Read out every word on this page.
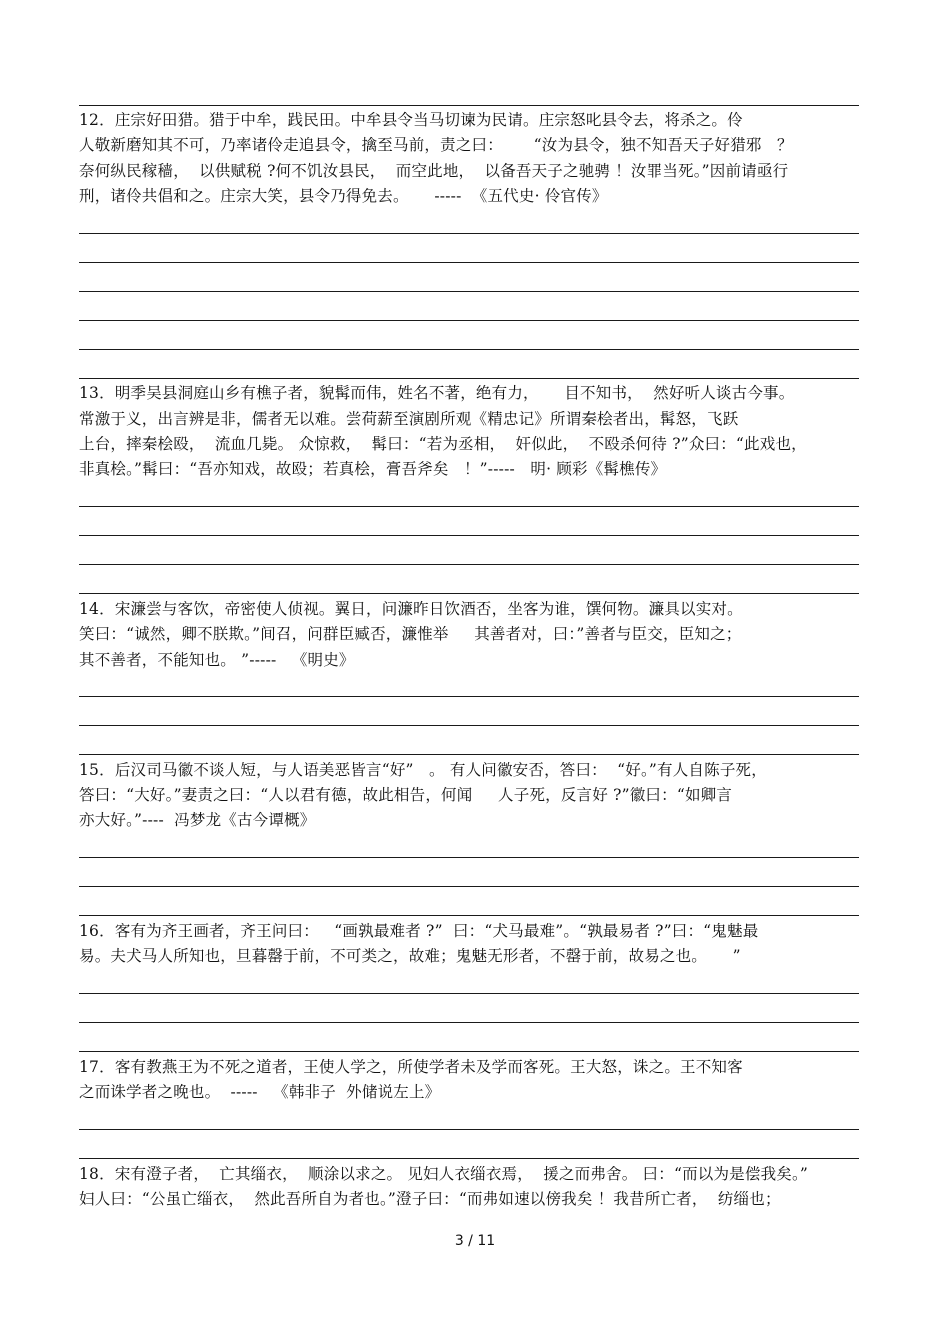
12．庄宗好田猎。猎于中牟，践民田。中牟县令当马切谏为民请。庄宗怒叱县令去，将杀之。伶
人敬新磨知其不可，乃率诸伶走追县令，擒至马前，责之曰：      “汝为县令，独不知吾天子好猎邪   ？
奈何纵民稼穑，  以供赋税 ?何不饥汝县民，  而空此地，  以备吾天子之驰骋 ！汝罪当死。”因前请亟行
刑，诸伶共倡和之。庄宗大笑，县令乃得免去。     -----  《五代史· 伶官传》
13．明季吴县洞庭山乡有樵子者，貌髯而伟，姓名不著，绝有力，     目不知书，  然好听人谈古今事。
常激于义，出言辨是非，儒者无以难。尝荷薪至演剧所观《精忠记》所谓秦桧者出，髯怒，飞跃
上台，摔秦桧殴，  流血几毙。 众惊救，  髯曰：“若为丞相，  奸似此，  不殴杀何待 ?”众曰：“此戏也，
非真桧。”髯曰：“吾亦知戏，故殴；若真桧，膏吾斧矣   ！”-----   明· 顾彩《髯樵传》
14．宋濂尝与客饮，帝密使人侦视。翼日，问濂昨日饮酒否，坐客为谁，馔何物。濂具以实对。
笑曰：“诚然，卿不朕欺。”间召，问群臣臧否，濂惟举     其善者对，曰：”善者与臣交，臣知之；
其不善者，不能知也。 ”-----   《明史》
15．后汉司马徽不谈人短，与人语美恶皆言“好”   。 有人问徽安否，答曰：  “好。”有人自陈子死，
答曰：“大好。”妻责之曰：“人以君有德，故此相告，何闻     人子死，反言好 ?”徽曰：“如卿言
亦大好。”----  冯梦龙《古今谭概》
16．客有为齐王画者，齐王问曰：   “画孰最难者 ?”  曰：“犬马最难”。“孰最易者 ?”曰：“鬼魅最
易。夫犬马人所知也，旦暮罄于前，不可类之，故难；鬼魅无形者，不罄于前，故易之也。     ”
17．客有教燕王为不死之道者，王使人学之，所使学者未及学而客死。王大怒，诛之。王不知客
之而诛学者之晚也。  -----   《韩非子  外储说左上》
18．宋有澄子者，  亡其缁衣，  顺涂以求之。 见妇人衣缁衣焉，  援之而弗舍。 曰：“而以为是偿我矣。”
妇人曰：“公虽亡缁衣，  然此吾所自为者也。”澄子曰：“而弗如速以傍我矣 ！我昔所亡者，  纺缁也；
3 / 11
